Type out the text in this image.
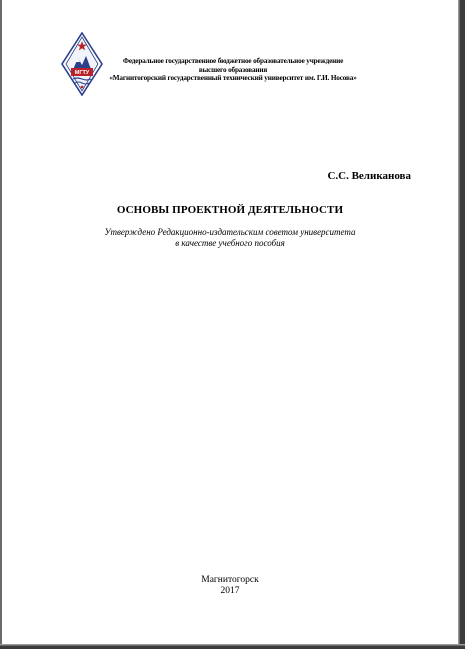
МГТУ
Федеральное государственное бюджетное образовательное учреждение
высшего образования
«Магнитогорский государственный технический университет им. Г.И. Носова»
С.С. Великанова
ОСНОВЫ ПРОЕКТНОЙ ДЕЯТЕЛЬНОСТИ
Утверждено Редакционно-издательским советом университета
в качестве учебного пособия
Магнитогорск
2017
